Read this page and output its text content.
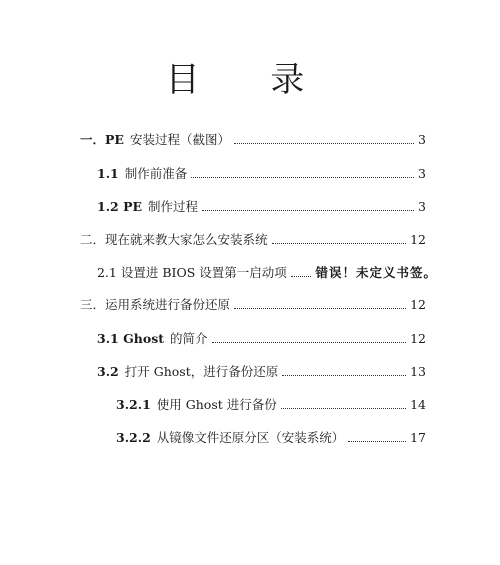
目 录
一．PE 安装过程（截图）	3
1.1 制作前准备	3
1.2 PE 制作过程	3
二．现在就来教大家怎么安装系统	12
2.1 设置进 BIOS 设置第一启动项 错误！未定义书签。
三．运用系统进行备份还原	12
3.1 Ghost 的简介	12
3.2 打开 Ghost，进行备份还原	13
3.2.1 使用 Ghost 进行备份	14
3.2.2 从镜像文件还原分区（安装系统）	17
